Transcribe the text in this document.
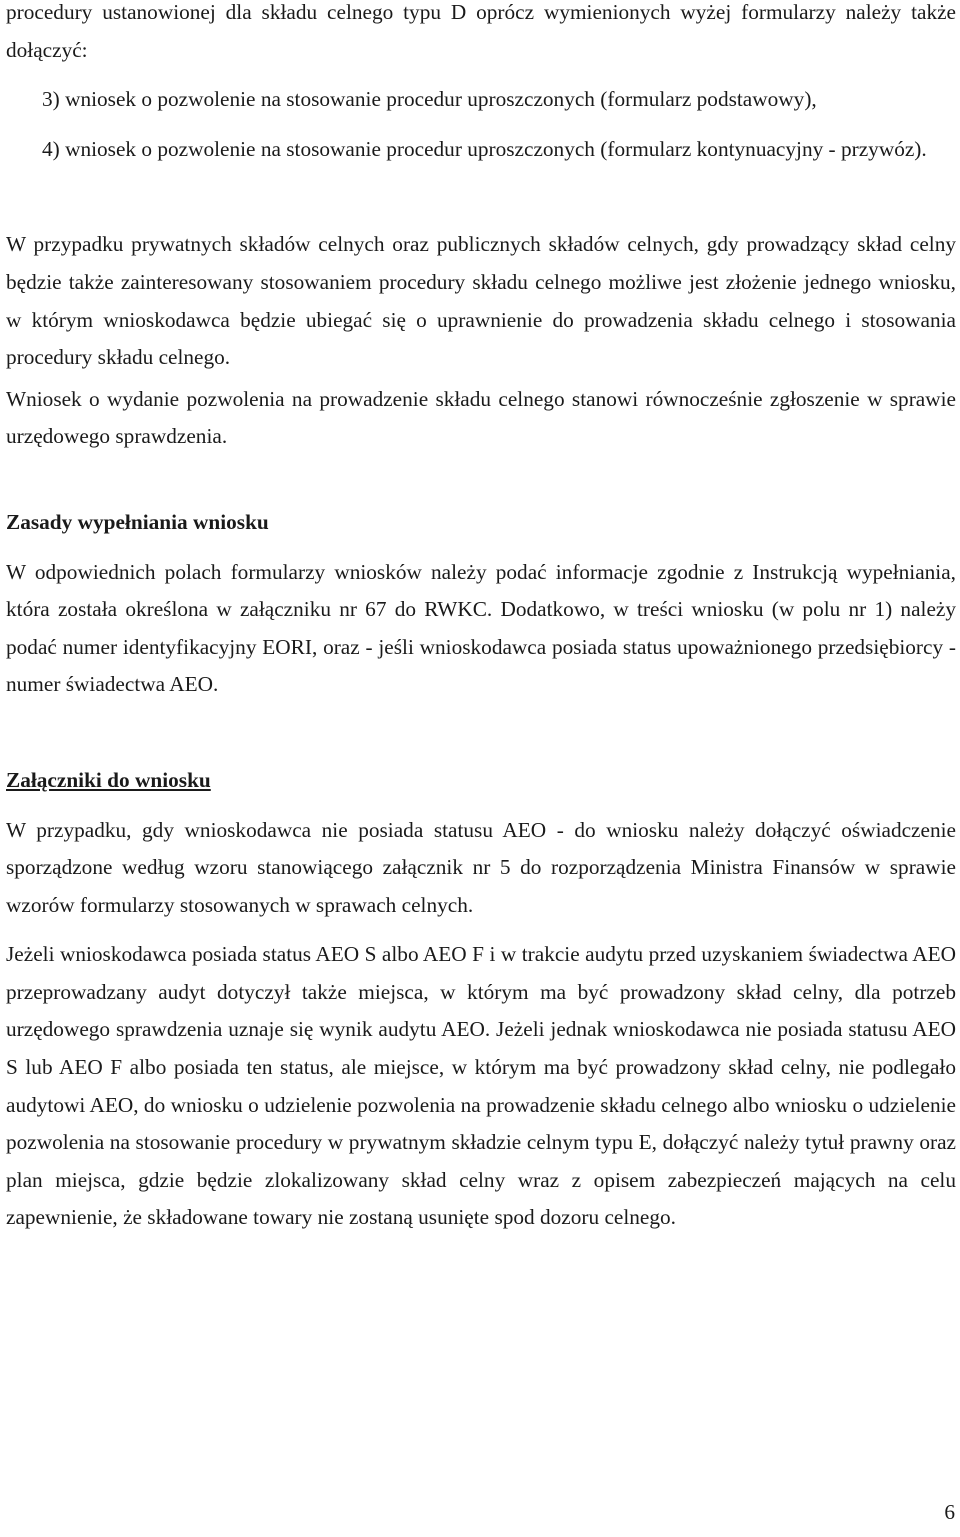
procedury ustanowionej dla składu celnego typu D oprócz wymienionych wyżej formularzy należy także dołączyć:

3) wniosek o pozwolenie na stosowanie procedur uproszczonych (formularz podstawowy),

4) wniosek o pozwolenie na stosowanie procedur uproszczonych (formularz kontynuacyjny - przywóz).

W przypadku prywatnych składów celnych oraz publicznych składów celnych, gdy prowadzący skład celny będzie także zainteresowany stosowaniem procedury składu celnego możliwe jest złożenie jednego wniosku, w którym wnioskodawca będzie ubiegać się o uprawnienie do prowadzenia składu celnego i stosowania procedury składu celnego.

Wniosek o wydanie pozwolenia na prowadzenie składu celnego stanowi równocześnie zgłoszenie w sprawie urzędowego sprawdzenia.

Zasady wypełniania wniosku

W odpowiednich polach formularzy wniosków należy podać informacje zgodnie z Instrukcją wypełniania, która została określona w załączniku nr 67 do RWKC. Dodatkowo, w treści wniosku (w polu nr 1) należy podać numer identyfikacyjny EORI, oraz - jeśli wnioskodawca posiada status upoważnionego przedsiębiorcy - numer świadectwa AEO.

Załączniki do wniosku

W przypadku, gdy wnioskodawca nie posiada statusu AEO - do wniosku należy dołączyć oświadczenie sporządzone według wzoru stanowiącego załącznik nr 5 do rozporządzenia Ministra Finansów w sprawie wzorów formularzy stosowanych w sprawach celnych.

Jeżeli wnioskodawca posiada status AEO S albo AEO F i w trakcie audytu przed uzyskaniem świadectwa AEO przeprowadzany audyt dotyczył także miejsca, w którym ma być prowadzony skład celny, dla potrzeb urzędowego sprawdzenia uznaje się wynik audytu AEO. Jeżeli jednak wnioskodawca nie posiada statusu AEO S lub AEO F albo posiada ten status, ale miejsce, w którym ma być prowadzony skład celny, nie podlegało audytowi AEO, do wniosku o udzielenie pozwolenia na prowadzenie składu celnego albo wniosku o udzielenie pozwolenia na stosowanie procedury w prywatnym składzie celnym typu E, dołączyć należy tytuł prawny oraz plan miejsca, gdzie będzie zlokalizowany skład celny wraz z opisem zabezpieczeń mających na celu zapewnienie, że składowane towary nie zostaną usunięte spod dozoru celnego.

6
